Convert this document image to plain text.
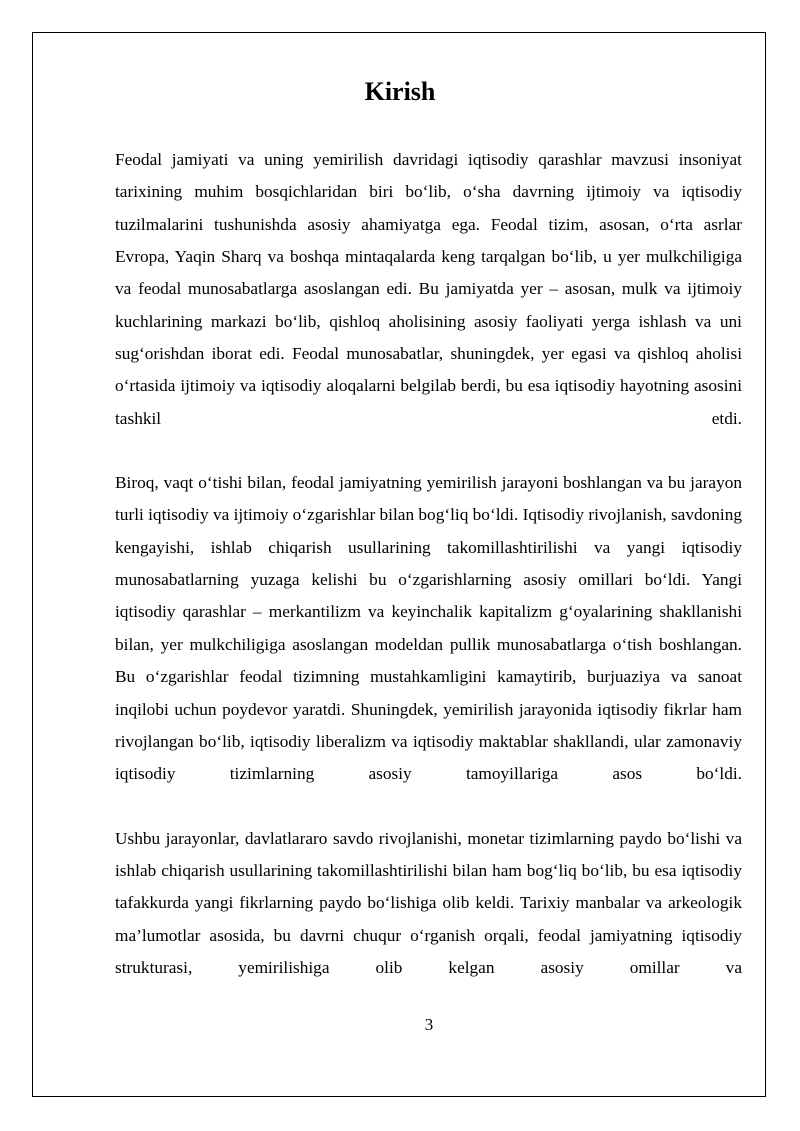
Kirish

Feodal jamiyati va uning yemirilish davridagi iqtisodiy qarashlar mavzusi insoniyat tarixining muhim bosqichlaridan biri bo‘lib, o‘sha davrning ijtimoiy va iqtisodiy tuzilmalarini tushunishda asosiy ahamiyatga ega. Feodal tizim, asosan, o‘rta asrlar Evropa, Yaqin Sharq va boshqa mintaqalarda keng tarqalgan bo‘lib, u yer mulkchiligiga va feodal munosabatlarga asoslangan edi. Bu jamiyatda yer – asosan, mulk va ijtimoiy kuchlarining markazi bo‘lib, qishloq aholisining asosiy faoliyati yerga ishlash va uni sug‘orishdan iborat edi. Feodal munosabatlar, shuningdek, yer egasi va qishloq aholisi o‘rtasida ijtimoiy va iqtisodiy aloqalarni belgilab berdi, bu esa iqtisodiy hayotning asosini tashkil etdi.

Biroq, vaqt o‘tishi bilan, feodal jamiyatning yemirilish jarayoni boshlangan va bu jarayon turli iqtisodiy va ijtimoiy o‘zgarishlar bilan bog‘liq bo‘ldi. Iqtisodiy rivojlanish, savdoning kengayishi, ishlab chiqarish usullarining takomillashtirilishi va yangi iqtisodiy munosabatlarning yuzaga kelishi bu o‘zgarishlarning asosiy omillari bo‘ldi. Yangi iqtisodiy qarashlar – merkantilizm va keyinchalik kapitalizm g‘oyalarining shakllanishi bilan, yer mulkchiligiga asoslangan modeldan pullik munosabatlarga o‘tish boshlangan. Bu o‘zgarishlar feodal tizimning mustahkamligini kamaytirib, burjuaziya va sanoat inqilobi uchun poydevor yaratdi. Shuningdek, yemirilish jarayonida iqtisodiy fikrlar ham rivojlangan bo‘lib, iqtisodiy liberalizm va iqtisodiy maktablar shakllandi, ular zamonaviy iqtisodiy tizimlarning asosiy tamoyillariga asos bo‘ldi.

Ushbu jarayonlar, davlatlararo savdo rivojlanishi, monetar tizimlarning paydo bo‘lishi va ishlab chiqarish usullarining takomillashtirilishi bilan ham bog‘liq bo‘lib, bu esa iqtisodiy tafakkurda yangi fikrlarning paydo bo‘lishiga olib keldi. Tarixiy manbalar va arkeologik ma’lumotlar asosida, bu davrni chuqur o‘rganish orqali, feodal jamiyatning iqtisodiy strukturasi, yemirilishiga olib kelgan asosiy omillar va

3
